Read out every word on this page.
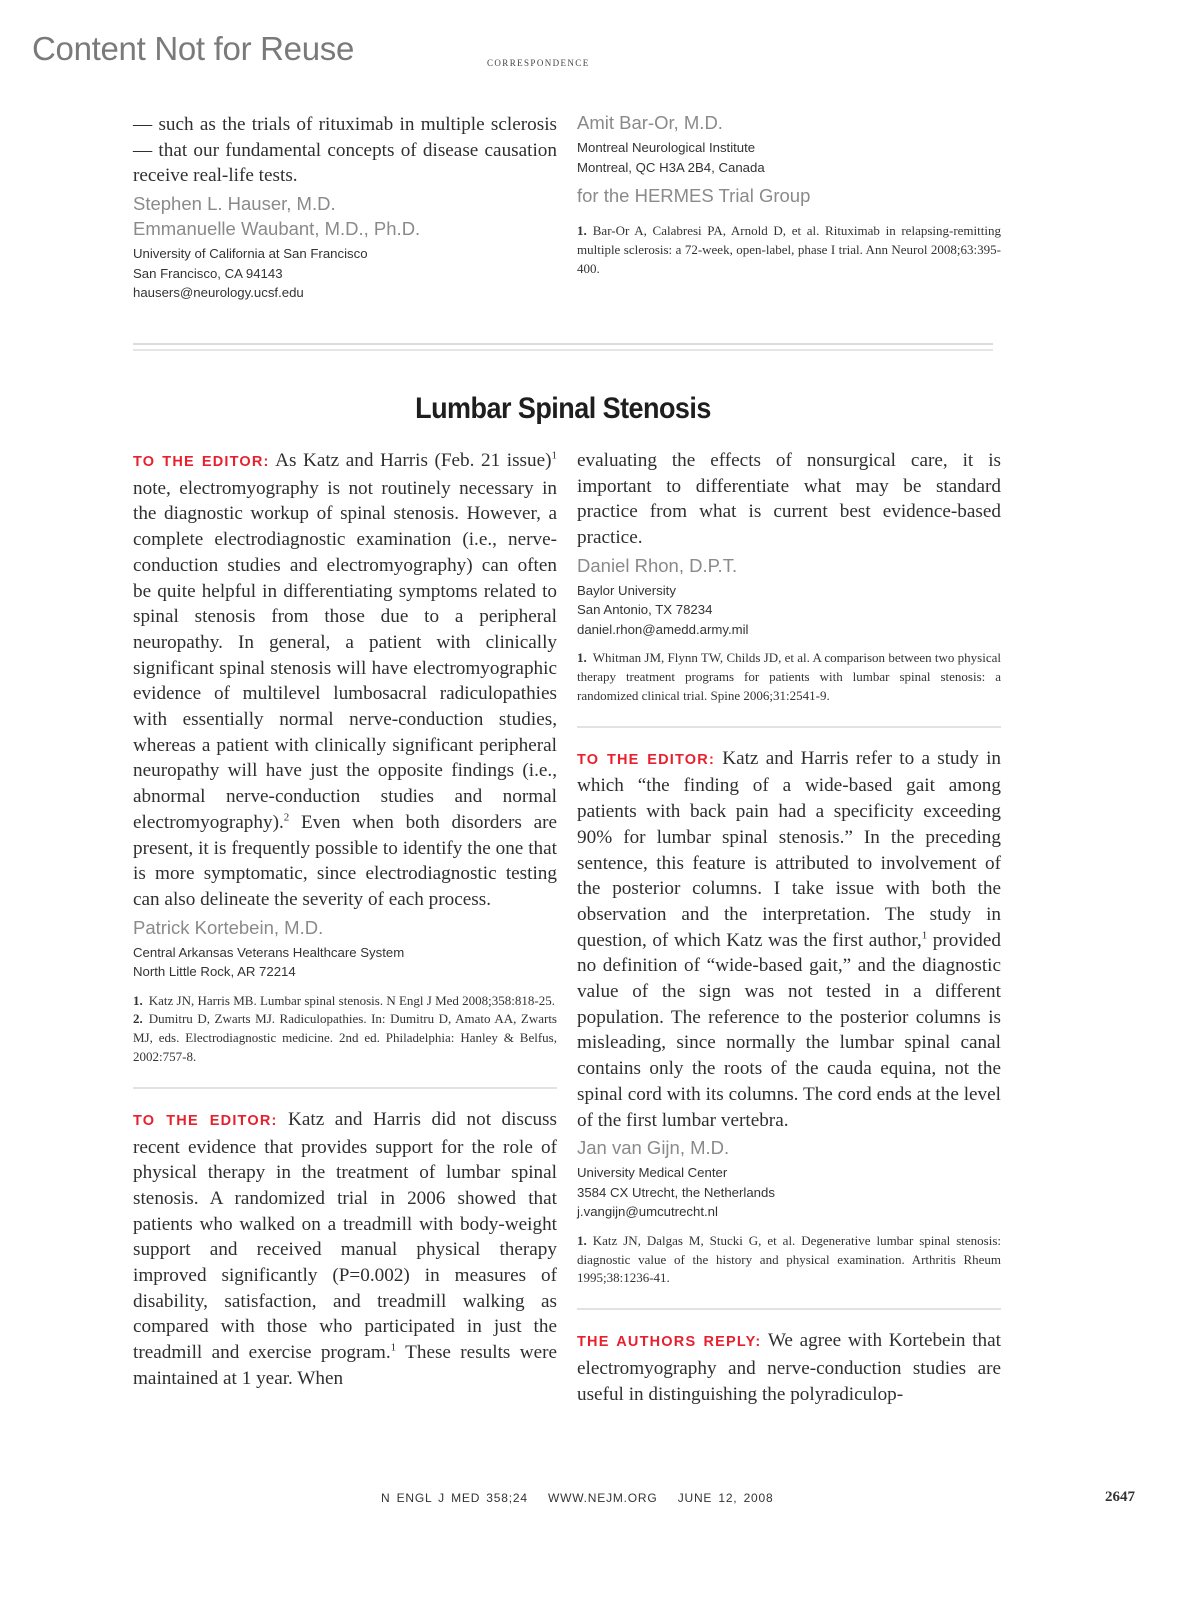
Content Not for Reuse	correspondence

— such as the trials of rituximab in multiple sclerosis — that our fundamental concepts of disease causation receive real-life tests.

Stephen L. Hauser, M.D.
Emmanuelle Waubant, M.D., Ph.D.
University of California at San Francisco
San Francisco, CA 94143
hausers@neurology.ucsf.edu
Amit Bar-Or, M.D.
Montreal Neurological Institute
Montreal, QC H3A 2B4, Canada
for the HERMES Trial Group

1. Bar-Or A, Calabresi PA, Arnold D, et al. Rituximab in relapsing-remitting multiple sclerosis: a 72-week, open-label, phase I trial. Ann Neurol 2008;63:395-400.

Lumbar Spinal Stenosis

TO THE EDITOR: As Katz and Harris (Feb. 21 issue)$^1$ note, electromyography is not routinely necessary in the diagnostic workup of spinal stenosis. However, a complete electrodiagnostic examination (i.e., nerve-conduction studies and electromyography) can often be quite helpful in differentiating symptoms related to spinal stenosis from those due to a peripheral neuropathy. In general, a patient with clinically significant spinal stenosis will have electromyographic evidence of multilevel lumbosacral radiculopathies with essentially normal nerve-conduction studies, whereas a patient with clinically significant peripheral neuropathy will have just the opposite findings (i.e., abnormal nerve-conduction studies and normal electromyography).$^2$ Even when both disorders are present, it is frequently possible to identify the one that is more symptomatic, since electrodiagnostic testing can also delineate the severity of each process.

Patrick Kortebein, M.D.
Central Arkansas Veterans Healthcare System
North Little Rock, AR 72214

1. Katz JN, Harris MB. Lumbar spinal stenosis. N Engl J Med 2008;358:818-25.

2. Dumitru D, Zwarts MJ. Radiculopathies. In: Dumitru D, Amato AA, Zwarts MJ, eds. Electrodiagnostic medicine. 2nd ed. Philadelphia: Hanley & Belfus, 2002:757-8.

TO THE EDITOR: Katz and Harris did not discuss recent evidence that provides support for the role of physical therapy in the treatment of lumbar spinal stenosis. A randomized trial in 2006 showed that patients who walked on a treadmill with body-weight support and received manual physical therapy improved significantly (P=0.002) in measures of disability, satisfaction, and treadmill walking as compared with those who participated in just the treadmill and exercise program.$^1$ These results were maintained at 1 year. When

evaluating the effects of nonsurgical care, it is important to differentiate what may be standard practice from what is current best evidence-based practice.

Daniel Rhon, D.P.T.
Baylor University
San Antonio, TX 78234
daniel.rhon@amedd.army.mil

1. Whitman JM, Flynn TW, Childs JD, et al. A comparison between two physical therapy treatment programs for patients with lumbar spinal stenosis: a randomized clinical trial. Spine 2006;31:2541-9.

TO THE EDITOR: Katz and Harris refer to a study in which “the finding of a wide-based gait among patients with back pain had a specificity exceeding 90% for lumbar spinal stenosis.” In the preceding sentence, this feature is attributed to involvement of the posterior columns. I take issue with both the observation and the interpretation. The study in question, of which Katz was the first author,$^1$ provided no definition of “wide-based gait,” and the diagnostic value of the sign was not tested in a different population. The reference to the posterior columns is misleading, since normally the lumbar spinal canal contains only the roots of the cauda equina, not the spinal cord with its columns. The cord ends at the level of the first lumbar vertebra.

Jan van Gijn, M.D.
University Medical Center
3584 CX Utrecht, the Netherlands
j.vangijn@umcutrecht.nl

1. Katz JN, Dalgas M, Stucki G, et al. Degenerative lumbar spinal stenosis: diagnostic value of the history and physical examination. Arthritis Rheum 1995;38:1236-41.

THE AUTHORS REPLY: We agree with Kortebein that electromyography and nerve-conduction studies are useful in distinguishing the polyradiculop-

N ENGL J MED 358;24 WWW.NEJM.ORG JUNE 12, 2008	2647
